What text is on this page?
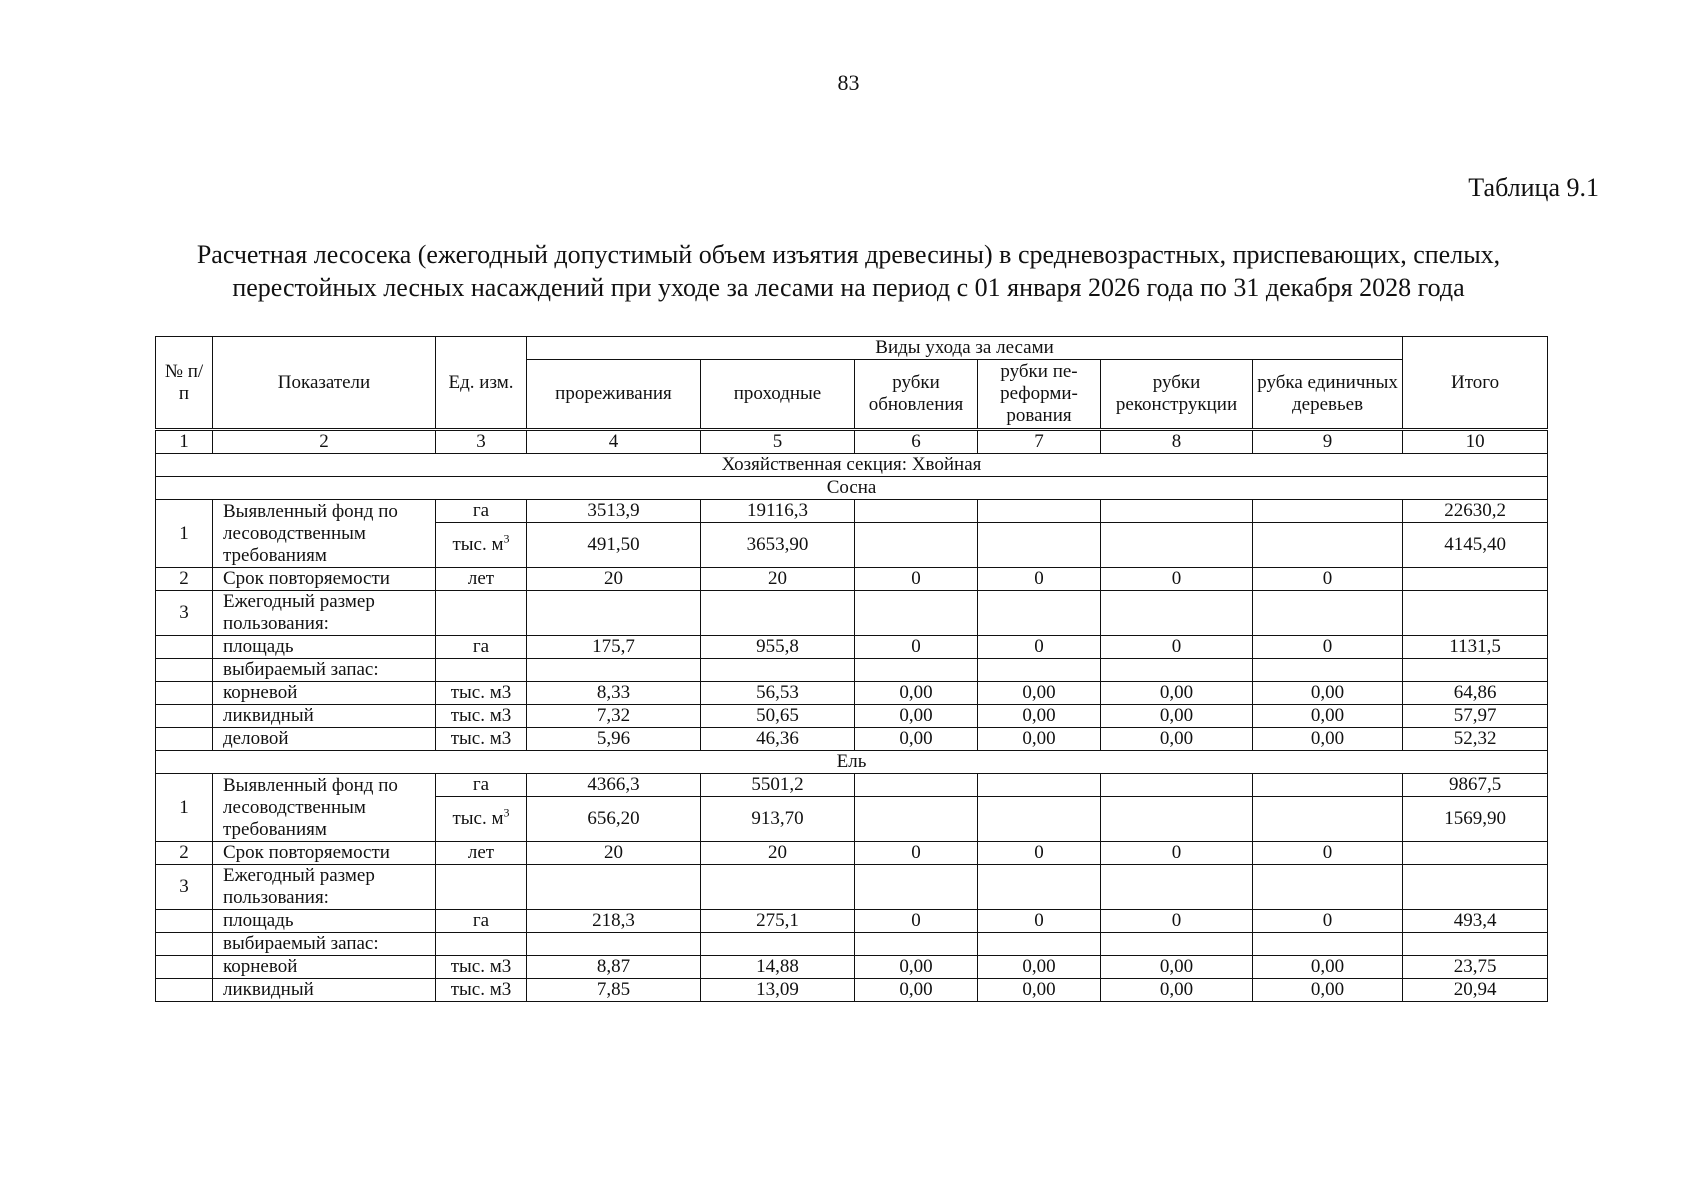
83
Таблица 9.1
Расчетная лесосека (ежегодный допустимый объем изъятия древесины) в средневозрастных, приспевающих, спелых,
перестойных лесных насаждений при уходе за лесами на период с 01 января 2026 года по 31 декабря 2028 года
№ п/п	Показатели	Ед. изм.	Виды ухода за лесами						Итого
			прореживания	проходные	рубки обновления	рубки пе-реформи-рования	рубки реконструкции	рубка единичных деревьев	
1	2	3	4	5	6	7	8	9	10
Хозяйственная секция: Хвойная									
Сосна									
1	Выявленный фонд по лесоводственным требованиям	га	3513,9	19116,3					22630,2
		тыс. $м^3$	491,50	3653,90					4145,40
2	Срок повторяемости	лет	20	20	0	0	0	0	
3	Ежегодный размер пользования:								
	площадь	га	175,7	955,8	0	0	0	0	1131,5
	выбираемый запас:								
	корневой	тыс. м3	8,33	56,53	0,00	0,00	0,00	0,00	64,86
	ликвидный	тыс. м3	7,32	50,65	0,00	0,00	0,00	0,00	57,97
	деловой	тыс. м3	5,96	46,36	0,00	0,00	0,00	0,00	52,32
Ель									
1	Выявленный фонд по лесоводственным требованиям	га	4366,3	5501,2					9867,5
		тыс. $м^3$	656,20	913,70					1569,90
2	Срок повторяемости	лет	20	20	0	0	0	0	
3	Ежегодный размер пользования:								
	площадь	га	218,3	275,1	0	0	0	0	493,4
	выбираемый запас:								
	корневой	тыс. м3	8,87	14,88	0,00	0,00	0,00	0,00	23,75
	ликвидный	тыс. м3	7,85	13,09	0,00	0,00	0,00	0,00	20,94
